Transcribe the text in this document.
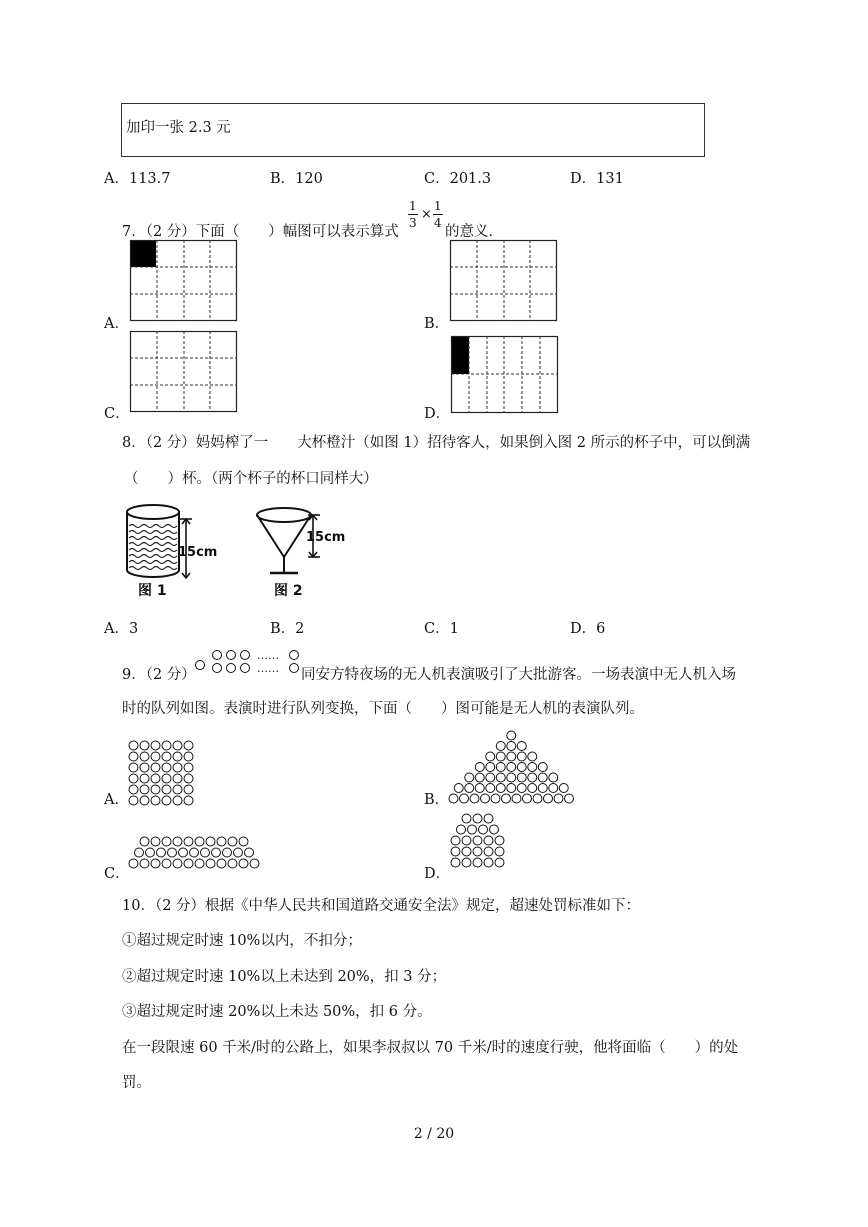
加印一张 2.3 元
A．113.7	B．120	C．201.3	D．131
7．（2 分）下面（　　）幅图可以表示算式
$\frac{1}{3} \times \frac{1}{4}$
的意义．
A．	B．
C．	D．
8．（2 分）妈妈榨了一　　大杯橙汁（如图 1）招待客人，如果倒入图 2 所示的杯子中，可以倒满
（　　）杯。（两个杯子的杯口同样大）
15cm
图 1
15cm
图 2
A．3	B．2	C．1	D．6
9．（2 分）
……
…… 同安方特夜场的无人机表演吸引了大批游客。一场表演中无人机入场
时的队列如图。表演时进行队列变换，下面（　　）图可能是无人机的表演队列。
A．	B．
C．	D．
10．（2 分）根据《中华人民共和国道路交通安全法》规定，超速处罚标准如下：
①超过规定时速 10%以内，不扣分；
②超过规定时速 10%以上未达到 20%，扣 3 分；
③超过规定时速 20%以上未达 50%，扣 6 分。
在一段限速 60 千米/时的公路上，如果李叔叔以 70 千米/时的速度行驶，他将面临（　　）的处
罚。
2 / 20
